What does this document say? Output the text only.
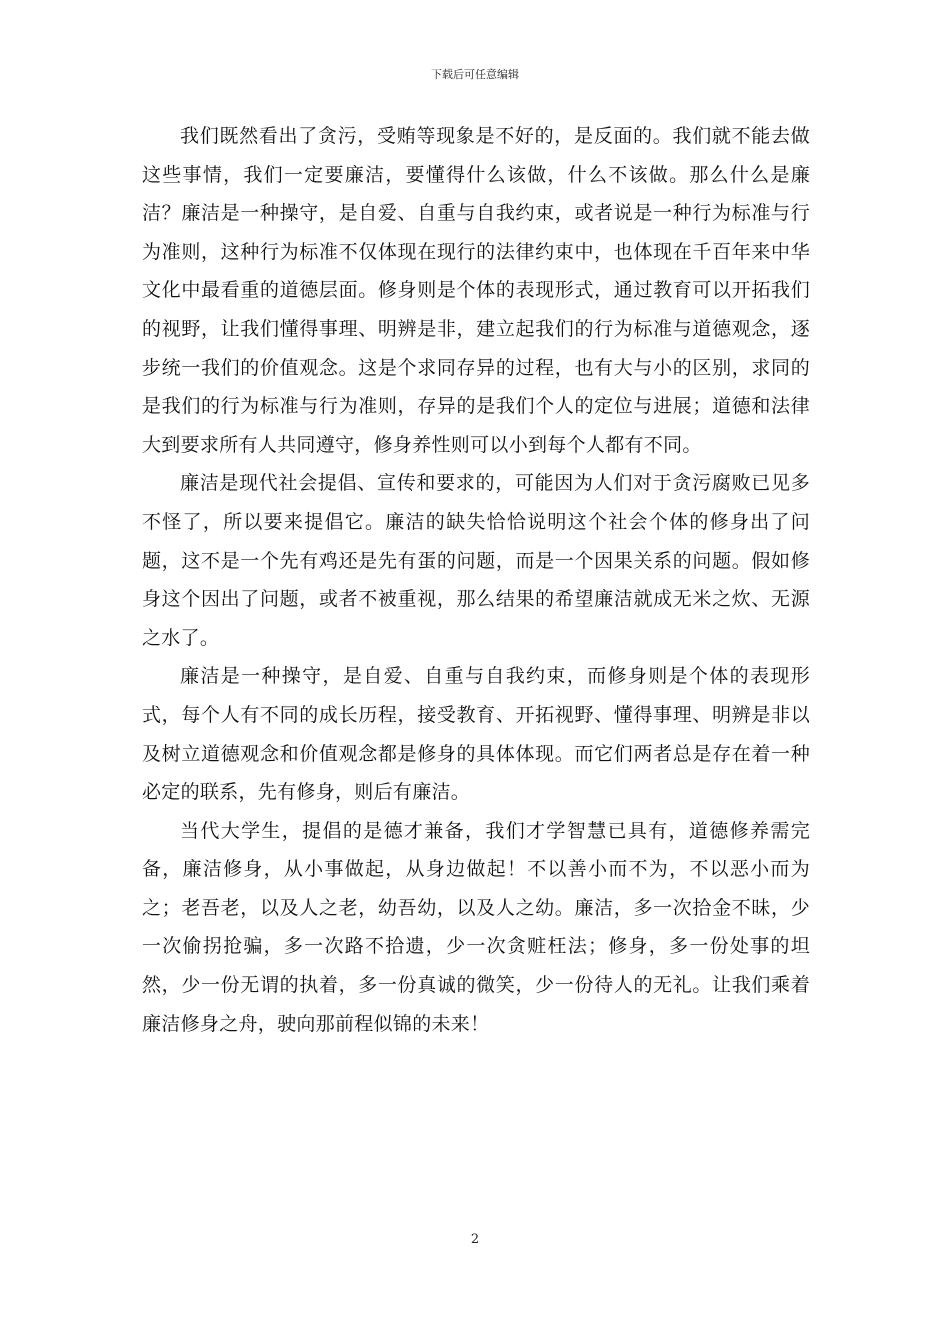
下载后可任意编辑

我们既然看出了贪污，受贿等现象是不好的，是反面的。我们就不能去做这些事情，我们一定要廉洁，要懂得什么该做，什么不该做。那么什么是廉洁？廉洁是一种操守，是自爱、自重与自我约束，或者说是一种行为标准与行为准则，这种行为标准不仅体现在现行的法律约束中，也体现在千百年来中华文化中最看重的道德层面。修身则是个体的表现形式，通过教育可以开拓我们的视野，让我们懂得事理、明辨是非，建立起我们的行为标准与道德观念，逐步统一我们的价值观念。这是个求同存异的过程，也有大与小的区别，求同的是我们的行为标准与行为准则，存异的是我们个人的定位与进展；道德和法律大到要求所有人共同遵守，修身养性则可以小到每个人都有不同。

廉洁是现代社会提倡、宣传和要求的，可能因为人们对于贪污腐败已见多不怪了，所以要来提倡它。廉洁的缺失恰恰说明这个社会个体的修身出了问题，这不是一个先有鸡还是先有蛋的问题，而是一个因果关系的问题。假如修身这个因出了问题，或者不被重视，那么结果的希望廉洁就成无米之炊、无源之水了。

廉洁是一种操守，是自爱、自重与自我约束，而修身则是个体的表现形式，每个人有不同的成长历程，接受教育、开拓视野、懂得事理、明辨是非以及树立道德观念和价值观念都是修身的具体体现。而它们两者总是存在着一种必定的联系，先有修身，则后有廉洁。

当代大学生，提倡的是德才兼备，我们才学智慧已具有，道德修养需完备，廉洁修身，从小事做起，从身边做起！不以善小而不为，不以恶小而为之；老吾老，以及人之老，幼吾幼，以及人之幼。廉洁，多一次拾金不昧，少一次偷拐抢骗，多一次路不拾遗，少一次贪赃枉法；修身，多一份处事的坦然，少一份无谓的执着，多一份真诚的微笑，少一份待人的无礼。让我们乘着廉洁修身之舟，驶向那前程似锦的未来！

2
